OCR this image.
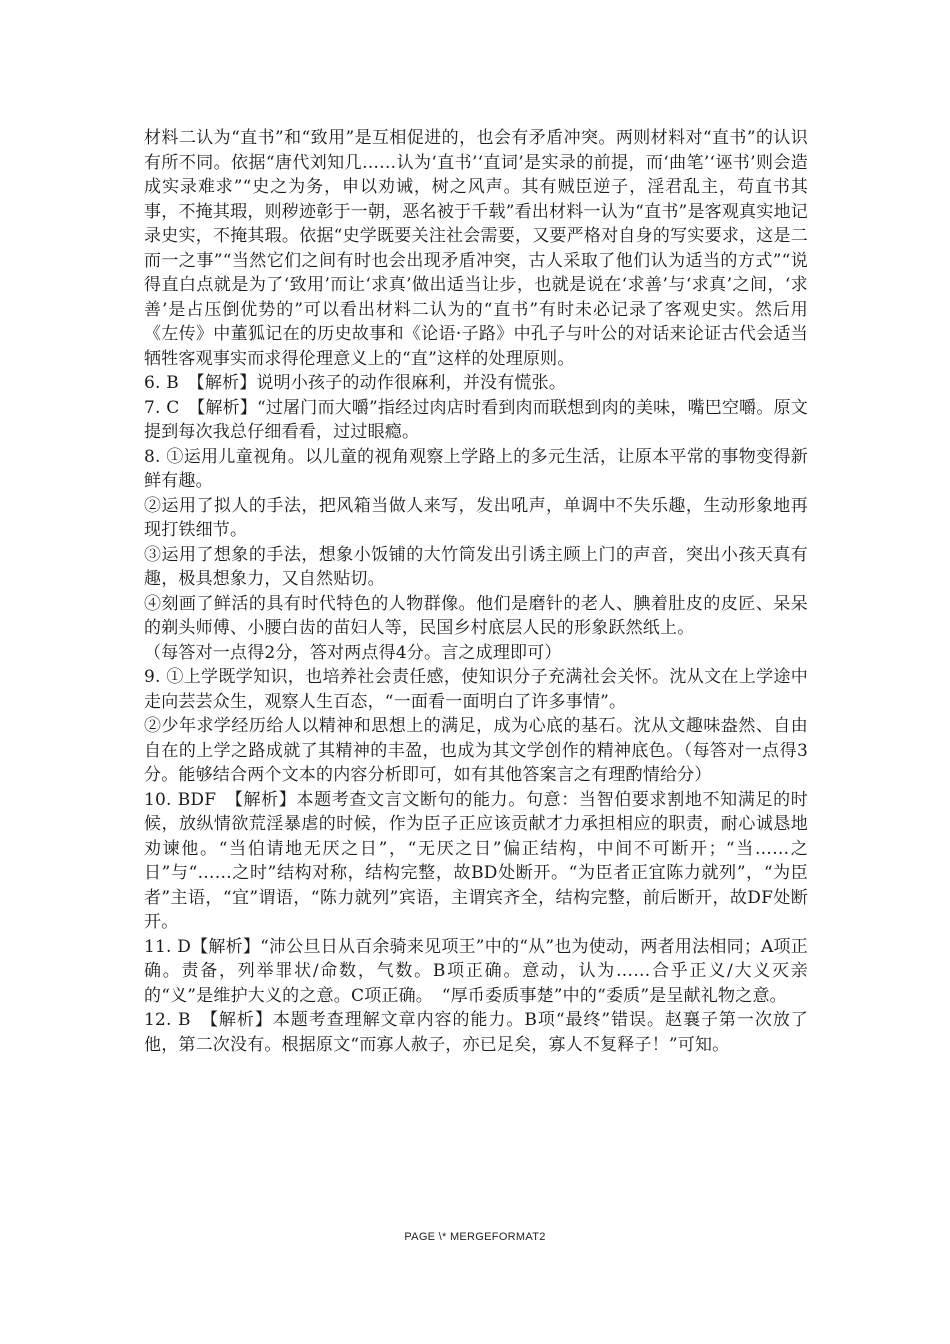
材料二认为“直书”和“致用”是互相促进的，也会有矛盾冲突。两则材料对“直书”的认识有所不同。依据“唐代刘知几……认为‘直书’‘直词’是实录的前提，而‘曲笔’‘诬书’则会造成实录难求”“史之为务，申以劝诫，树之风声。其有贼臣逆子，淫君乱主，苟直书其事，不掩其瑕，则秽迹彰于一朝，恶名被于千载”看出材料一认为“直书”是客观真实地记录史实，不掩其瑕。依据“史学既要关注社会需要，又要严格对自身的写实要求，这是二而一之事”“当然它们之间有时也会出现矛盾冲突，古人采取了他们认为适当的方式”“说得直白点就是为了‘致用’而让‘求真’做出适当让步，也就是说在‘求善’与‘求真’之间，‘求善’是占压倒优势的”可以看出材料二认为的“直书”有时未必记录了客观史实。然后用《左传》中董狐记在的历史故事和《论语·子路》中孔子与叶公的对话来论证古代会适当牺牲客观事实而求得伦理意义上的“直”这样的处理原则。

6. B　【解析】说明小孩子的动作很麻利，并没有慌张。

7. C　【解析】“过屠门而大嚼”指经过肉店时看到肉而联想到肉的美味，嘴巴空嚼。原文提到每次我总仔细看看，过过眼瘾。

8. ①运用儿童视角。以儿童的视角观察上学路上的多元生活，让原本平常的事物变得新鲜有趣。

②运用了拟人的手法，把风箱当做人来写，发出吼声，单调中不失乐趣，生动形象地再现打铁细节。

③运用了想象的手法，想象小饭铺的大竹筒发出引诱主顾上门的声音，突出小孩天真有趣，极具想象力，又自然贴切。

④刻画了鲜活的具有时代特色的人物群像。他们是磨针的老人、腆着肚皮的皮匠、呆呆的剃头师傅、小腰白齿的苗妇人等，民国乡村底层人民的形象跃然纸上。

（每答对一点得2分，答对两点得4分。言之成理即可）

9. ①上学既学知识，也培养社会责任感，使知识分子充满社会关怀。沈从文在上学途中走向芸芸众生，观察人生百态，“一面看一面明白了许多事情”。

②少年求学经历给人以精神和思想上的满足，成为心底的基石。沈从文趣味盎然、自由自在的上学之路成就了其精神的丰盈，也成为其文学创作的精神底色。（每答对一点得3分。能够结合两个文本的内容分析即可，如有其他答案言之有理酌情给分）

10. BDF　【解析】本题考查文言文断句的能力。句意：当智伯要求割地不知满足的时候，放纵情欲荒淫暴虐的时候，作为臣子正应该贡献才力承担相应的职责，耐心诚恳地劝谏他。“当伯请地无厌之日”，“无厌之日”偏正结构，中间不可断开；“当……之日”与“……之时”结构对称，结构完整，故BD处断开。“为臣者正宜陈力就列”，“为臣者”主语，“宜”谓语，“陈力就列”宾语，主谓宾齐全，结构完整，前后断开，故DF处断开。

11. D【解析】“沛公旦日从百余骑来见项王”中的“从”也为使动，两者用法相同；A项正确。责备，列举罪状/命数，气数。B项正确。意动，认为……合乎正义/大义灭亲的“义”是维护大义的之意。C项正确。　“厚币委质事楚”中的“委质”是呈献礼物之意。

12. B　【解析】本题考查理解文章内容的能力。B项“最终”错误。赵襄子第一次放了他，第二次没有。根据原文“而寡人赦子，亦已足矣，寡人不复释子！”可知。

PAGE \* MERGEFORMAT2
